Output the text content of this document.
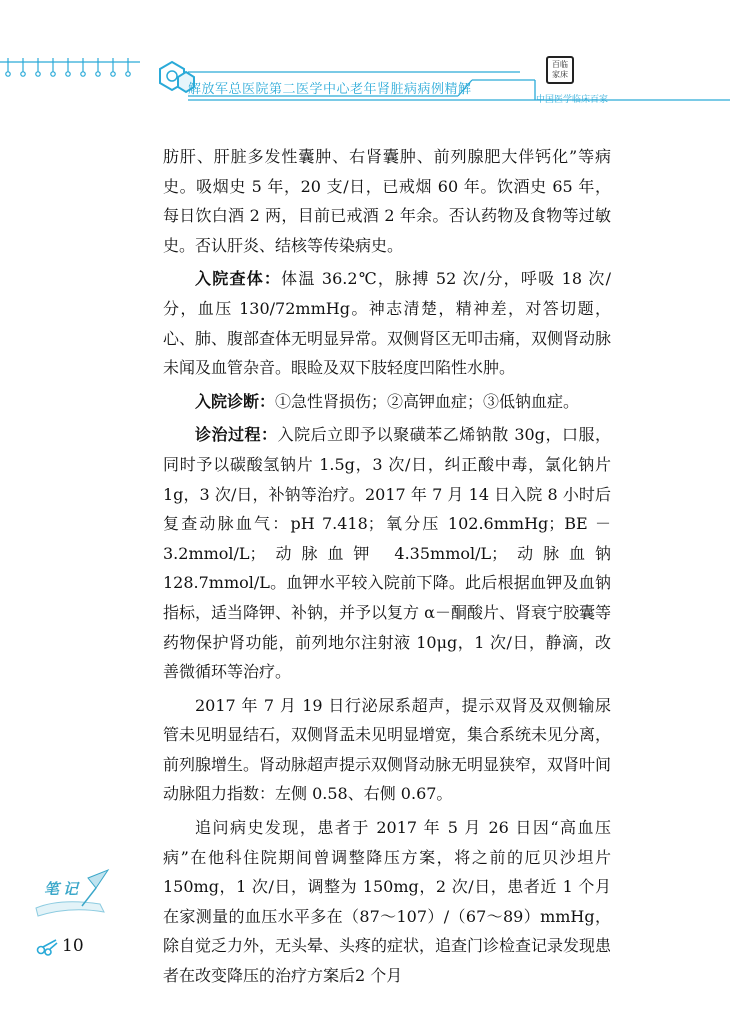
解放军总医院第二医学中心老年肾脏病病例精解
百临
家床
中国医学临床百家

肪肝、肝脏多发性囊肿、右肾囊肿、前列腺肥大伴钙化”等病史。吸烟史 5 年，20 支/日，已戒烟 60 年。饮酒史 65 年，每日饮白酒 2 两，目前已戒酒 2 年余。否认药物及食物等过敏史。否认肝炎、结核等传染病史。

入院查体：体温 36.2℃，脉搏 52 次/分，呼吸 18 次/分，血压 130/72mmHg。神志清楚，精神差，对答切题，心、肺、腹部查体无明显异常。双侧肾区无叩击痛，双侧肾动脉未闻及血管杂音。眼睑及双下肢轻度凹陷性水肿。

入院诊断：①急性肾损伤；②高钾血症；③低钠血症。

诊治过程：入院后立即予以聚磺苯乙烯钠散 30g，口服，同时予以碳酸氢钠片 1.5g，3 次/日，纠正酸中毒，氯化钠片 1g，3 次/日，补钠等治疗。2017 年 7 月 14 日入院 8 小时后复查动脉血气：pH 7.418；氧分压 102.6mmHg；BE －3.2mmol/L；动脉血钾 4.35mmol/L；动脉血钠 128.7mmol/L。血钾水平较入院前下降。此后根据血钾及血钠指标，适当降钾、补钠，并予以复方 α－酮酸片、肾衰宁胶囊等药物保护肾功能，前列地尔注射液 10μg，1 次/日，静滴，改善微循环等治疗。

2017 年 7 月 19 日行泌尿系超声，提示双肾及双侧输尿管未见明显结石，双侧肾盂未见明显增宽，集合系统未见分离，前列腺增生。肾动脉超声提示双侧肾动脉无明显狭窄，双肾叶间动脉阻力指数：左侧 0.58、右侧 0.67。

追问病史发现，患者于 2017 年 5 月 26 日因“高血压病”在他科住院期间曾调整降压方案，将之前的厄贝沙坦片 150mg，1 次/日，调整为 150mg，2 次/日，患者近 1 个月在家测量的血压水平多在（87～107）/（67～89）mmHg，除自觉乏力外，无头晕、头疼的症状，追查门诊检查记录发现患者在改变降压的治疗方案后2 个月

笔记
10
